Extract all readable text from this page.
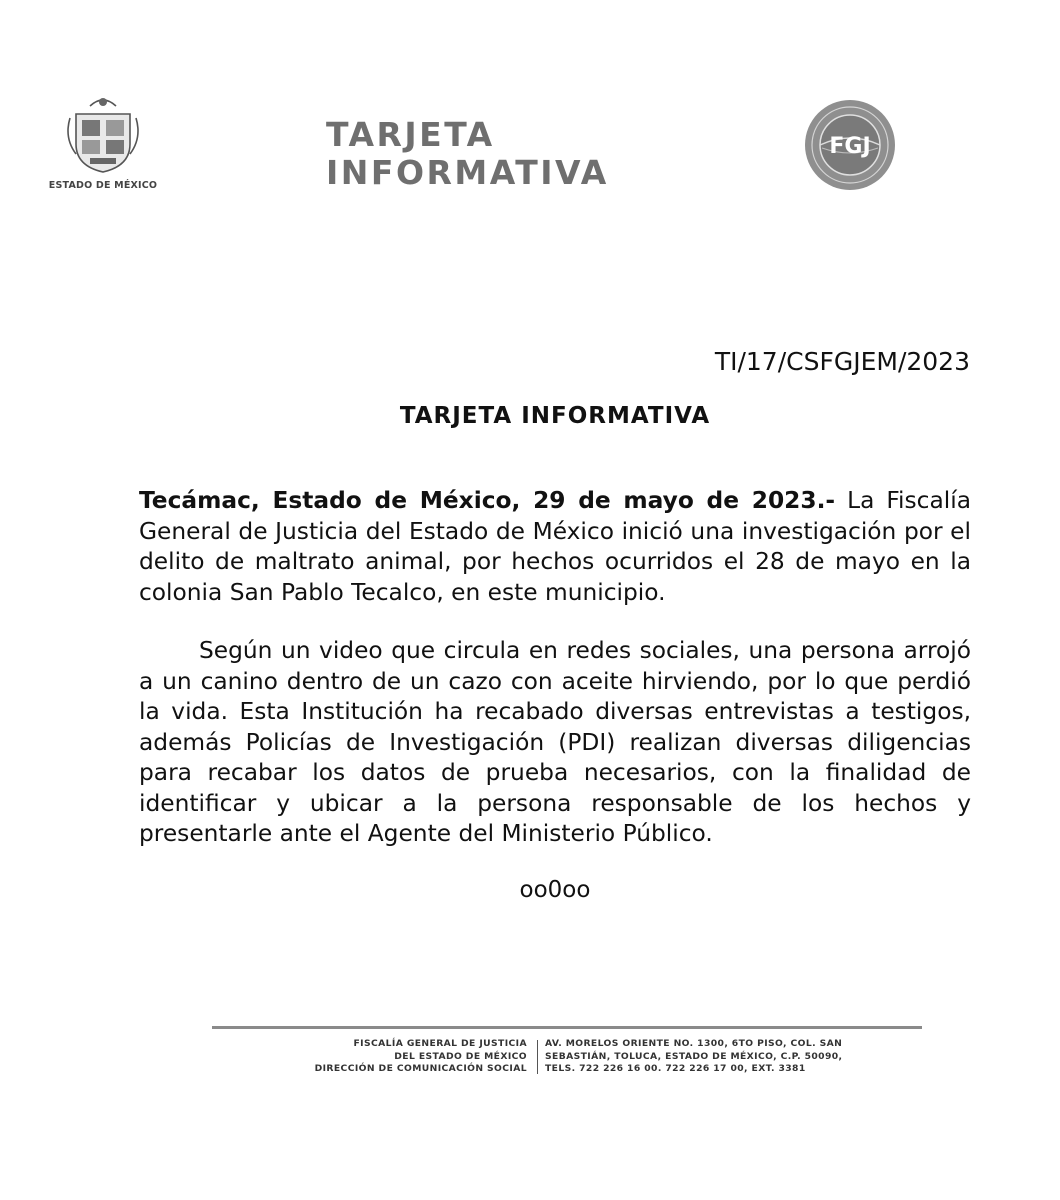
ESTADO DE MÉXICO
TARJETA
INFORMATIVA
FGJ
TI/17/CSFGJEM/2023
TARJETA INFORMATIVA
Tecámac, Estado de México, 29 de mayo de 2023.- La Fiscalía General de Justicia del Estado de México inició una investigación por el delito de maltrato animal, por hechos ocurridos el 28 de mayo en la colonia San Pablo Tecalco, en este municipio.
Según un video que circula en redes sociales, una persona arrojó a un canino dentro de un cazo con aceite hirviendo, por lo que perdió la vida. Esta Institución ha recabado diversas entrevistas a testigos, además Policías de Investigación (PDI) realizan diversas diligencias para recabar los datos de prueba necesarios, con la finalidad de identificar y ubicar a la persona responsable de los hechos y presentarle ante el Agente del Ministerio Público.
oo0oo
FISCALÍA GENERAL DE JUSTICIA
DEL ESTADO DE MÉXICO
DIRECCIÓN DE COMUNICACIÓN SOCIAL
AV. MORELOS ORIENTE NO. 1300, 6TO PISO, COL. SAN
SEBASTIÁN, TOLUCA, ESTADO DE MÉXICO, C.P. 50090,
TELS. 722 226 16 00. 722 226 17 00, EXT. 3381
